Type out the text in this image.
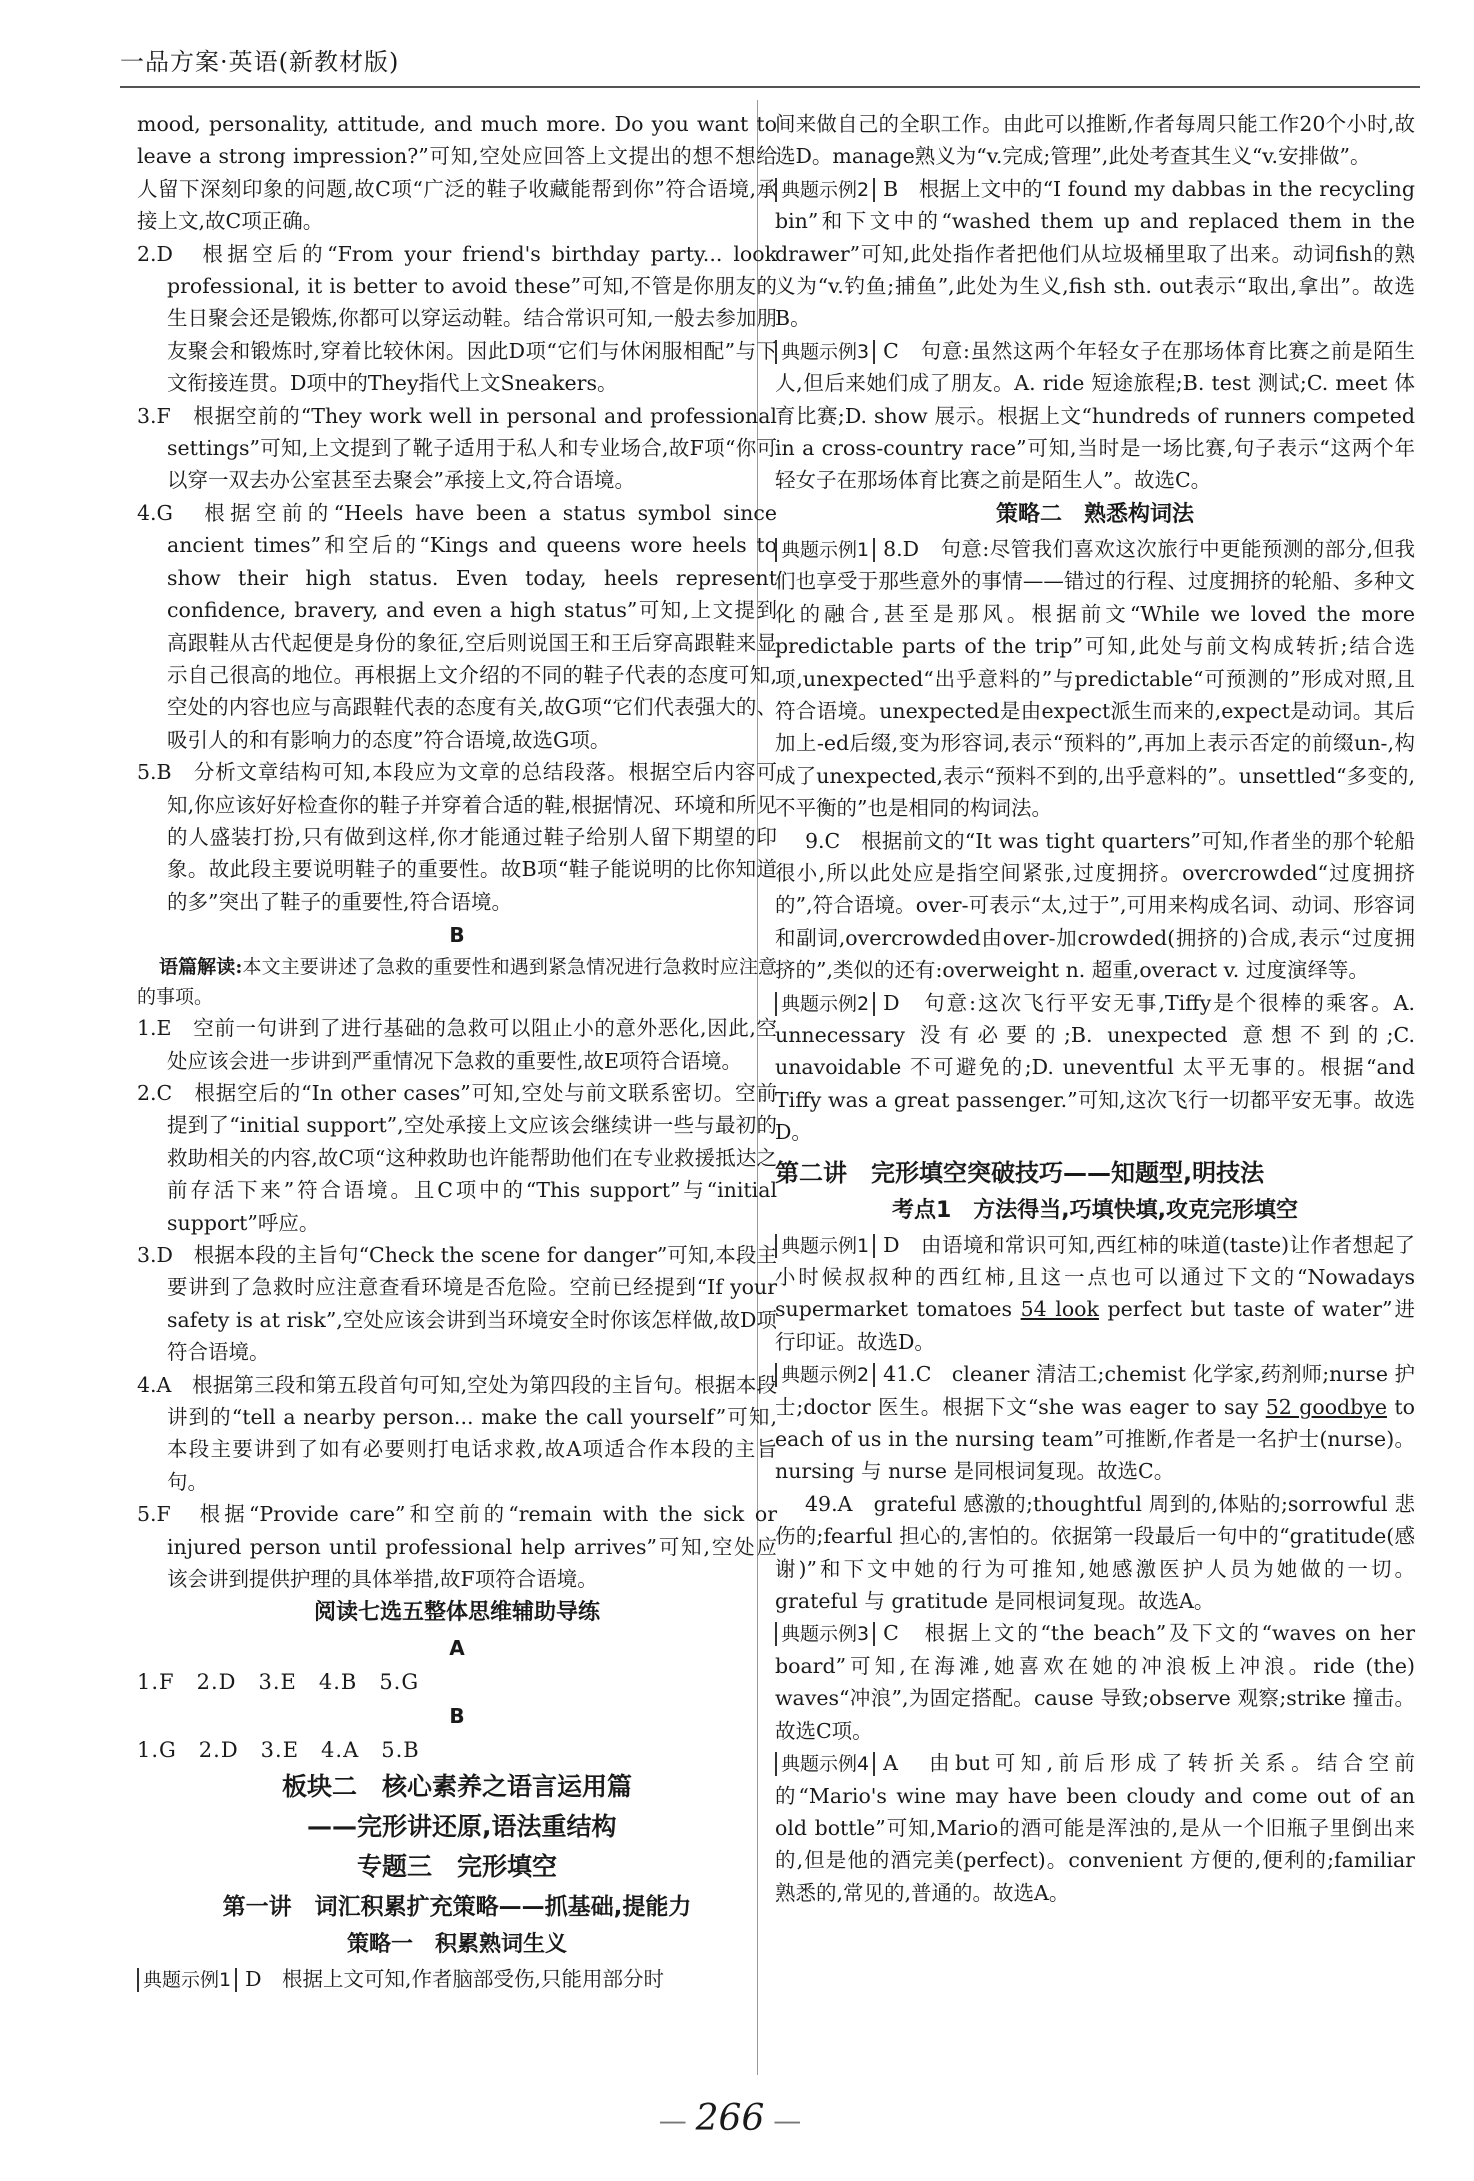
一品方案·英语(新教材版)

mood, personality, attitude, and much more. Do you want to leave a strong impression?”可知,空处应回答上文提出的想不想给人留下深刻印象的问题,故C项“广泛的鞋子收藏能帮到你”符合语境,承接上文,故C项正确。

2.D　根据空后的“From your friend's birthday party... look professional, it is better to avoid these”可知,不管是你朋友的生日聚会还是锻炼,你都可以穿运动鞋。结合常识可知,一般去参加朋友聚会和锻炼时,穿着比较休闲。因此D项“它们与休闲服相配”与下文衔接连贯。D项中的They指代上文Sneakers。

3.F　根据空前的“They work well in personal and professional settings”可知,上文提到了靴子适用于私人和专业场合,故F项“你可以穿一双去办公室甚至去聚会”承接上文,符合语境。

4.G　根据空前的“Heels have been a status symbol since ancient times”和空后的“Kings and queens wore heels to show their high status. Even today, heels represent confidence, bravery, and even a high status”可知,上文提到高跟鞋从古代起便是身份的象征,空后则说国王和王后穿高跟鞋来显示自己很高的地位。再根据上文介绍的不同的鞋子代表的态度可知,空处的内容也应与高跟鞋代表的态度有关,故G项“它们代表强大的、吸引人的和有影响力的态度”符合语境,故选G项。

5.B　分析文章结构可知,本段应为文章的总结段落。根据空后内容可知,你应该好好检查你的鞋子并穿着合适的鞋,根据情况、环境和所见的人盛装打扮,只有做到这样,你才能通过鞋子给别人留下期望的印象。故此段主要说明鞋子的重要性。故B项“鞋子能说明的比你知道的多”突出了鞋子的重要性,符合语境。

B

语篇解读:本文主要讲述了急救的重要性和遇到紧急情况进行急救时应注意的事项。

1.E　空前一句讲到了进行基础的急救可以阻止小的意外恶化,因此,空处应该会进一步讲到严重情况下急救的重要性,故E项符合语境。

2.C　根据空后的“In other cases”可知,空处与前文联系密切。空前提到了“initial support”,空处承接上文应该会继续讲一些与最初的救助相关的内容,故C项“这种救助也许能帮助他们在专业救援抵达之前存活下来”符合语境。且C项中的“This support”与“initial support”呼应。

3.D　根据本段的主旨句“Check the scene for danger”可知,本段主要讲到了急救时应注意查看环境是否危险。空前已经提到“If your safety is at risk”,空处应该会讲到当环境安全时你该怎样做,故D项符合语境。

4.A　根据第三段和第五段首句可知,空处为第四段的主旨句。根据本段讲到的“tell a nearby person... make the call yourself”可知,本段主要讲到了如有必要则打电话求救,故A项适合作本段的主旨句。

5.F　根据“Provide care”和空前的“remain with the sick or injured person until professional help arrives”可知,空处应该会讲到提供护理的具体举措,故F项符合语境。

阅读七选五整体思维辅助导练

A

1.F　2.D　3.E　4.B　5.G

B

1.G　2.D　3.E　4.A　5.B

板块二　核心素养之语言运用篇

——完形讲还原,语法重结构

专题三　完形填空

第一讲　词汇积累扩充策略——抓基础,提能力

策略一　积累熟词生义

典题示例1 D　根据上文可知,作者脑部受伤,只能用部分时

间来做自己的全职工作。由此可以推断,作者每周只能工作20个小时,故选D。manage熟义为“v.完成;管理”,此处考查其生义“v.安排做”。

典题示例2 B　根据上文中的“I found my dabbas in the recycling bin”和下文中的“washed them up and replaced them in the drawer”可知,此处指作者把他们从垃圾桶里取了出来。动词fish的熟义为“v.钓鱼;捕鱼”,此处为生义,fish sth. out表示“取出,拿出”。故选B。

典题示例3 C　句意:虽然这两个年轻女子在那场体育比赛之前是陌生人,但后来她们成了朋友。A. ride 短途旅程;B. test 测试;C. meet 体育比赛;D. show 展示。根据上文“hundreds of runners competed in a cross-country race”可知,当时是一场比赛,句子表示“这两个年轻女子在那场体育比赛之前是陌生人”。故选C。

策略二　熟悉构词法

典题示例1 8.D　句意:尽管我们喜欢这次旅行中更能预测的部分,但我们也享受于那些意外的事情——错过的行程、过度拥挤的轮船、多种文化的融合,甚至是那风。根据前文“While we loved the more predictable parts of the trip”可知,此处与前文构成转折;结合选项,unexpected“出乎意料的”与predictable“可预测的”形成对照,且符合语境。unexpected是由expect派生而来的,expect是动词。其后加上-ed后缀,变为形容词,表示“预料的”,再加上表示否定的前缀un-,构成了unexpected,表示“预料不到的,出乎意料的”。unsettled“多变的,不平衡的”也是相同的构词法。

9.C　根据前文的“It was tight quarters”可知,作者坐的那个轮船很小,所以此处应是指空间紧张,过度拥挤。overcrowded“过度拥挤的”,符合语境。over-可表示“太,过于”,可用来构成名词、动词、形容词和副词,overcrowded由over-加crowded(拥挤的)合成,表示“过度拥挤的”,类似的还有:overweight n. 超重,overact v. 过度演绎等。

典题示例2 D　句意:这次飞行平安无事,Tiffy是个很棒的乘客。A. unnecessary 没有必要的;B. unexpected 意想不到的;C. unavoidable 不可避免的;D. uneventful 太平无事的。根据“and Tiffy was a great passenger.”可知,这次飞行一切都平安无事。故选D。

第二讲　完形填空突破技巧——知题型,明技法

考点1　方法得当,巧填快填,攻克完形填空

典题示例1 D　由语境和常识可知,西红柿的味道(taste)让作者想起了小时候叔叔种的西红柿,且这一点也可以通过下文的“Nowadays supermarket tomatoes 54 look perfect but taste of water”进行印证。故选D。

典题示例2 41.C　cleaner 清洁工;chemist 化学家,药剂师;nurse 护士;doctor 医生。根据下文“she was eager to say 52 goodbye to each of us in the nursing team”可推断,作者是一名护士(nurse)。nursing 与 nurse 是同根词复现。故选C。

49.A　grateful 感激的;thoughtful 周到的,体贴的;sorrowful 悲伤的;fearful 担心的,害怕的。依据第一段最后一句中的“gratitude(感谢)”和下文中她的行为可推知,她感激医护人员为她做的一切。grateful 与 gratitude 是同根词复现。故选A。

典题示例3 C　根据上文的“the beach”及下文的“waves on her board”可知,在海滩,她喜欢在她的冲浪板上冲浪。ride (the) waves“冲浪”,为固定搭配。cause 导致;observe 观察;strike 撞击。故选C项。

典题示例4 A　由but可知,前后形成了转折关系。结合空前的“Mario's wine may have been cloudy and come out of an old bottle”可知,Mario的酒可能是浑浊的,是从一个旧瓶子里倒出来的,但是他的酒完美(perfect)。convenient 方便的,便利的;familiar 熟悉的,常见的,普通的。故选A。

— 266 —
